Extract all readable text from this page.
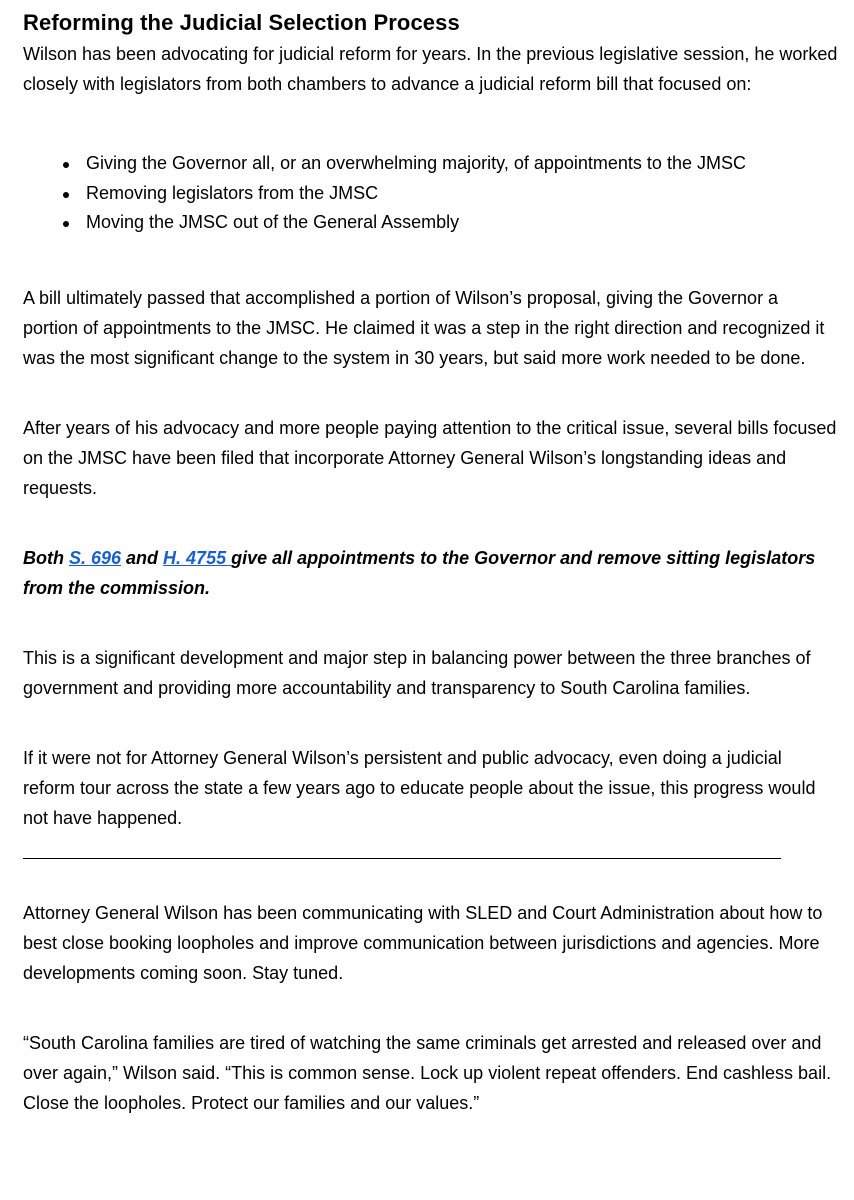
Reforming the Judicial Selection Process

Wilson has been advocating for judicial reform for years. In the previous legislative session, he worked closely with legislators from both chambers to advance a judicial reform bill that focused on:

Giving the Governor all, or an overwhelming majority, of appointments to the JMSC
Removing legislators from the JMSC
Moving the JMSC out of the General Assembly

A bill ultimately passed that accomplished a portion of Wilson’s proposal, giving the Governor a portion of appointments to the JMSC. He claimed it was a step in the right direction and recognized it was the most significant change to the system in 30 years, but said more work needed to be done.

After years of his advocacy and more people paying attention to the critical issue, several bills focused on the JMSC have been filed that incorporate Attorney General Wilson’s longstanding ideas and requests.

Both S. 696 and H. 4755 give all appointments to the Governor and remove sitting legislators from the commission.

This is a significant development and major step in balancing power between the three branches of government and providing more accountability and transparency to South Carolina families.

If it were not for Attorney General Wilson’s persistent and public advocacy, even doing a judicial reform tour across the state a few years ago to educate people about the issue, this progress would not have happened.

Attorney General Wilson has been communicating with SLED and Court Administration about how to best close booking loopholes and improve communication between jurisdictions and agencies. More developments coming soon. Stay tuned.

“South Carolina families are tired of watching the same criminals get arrested and released over and over again,” Wilson said. “This is common sense. Lock up violent repeat offenders. End cashless bail. Close the loopholes. Protect our families and our values.”
